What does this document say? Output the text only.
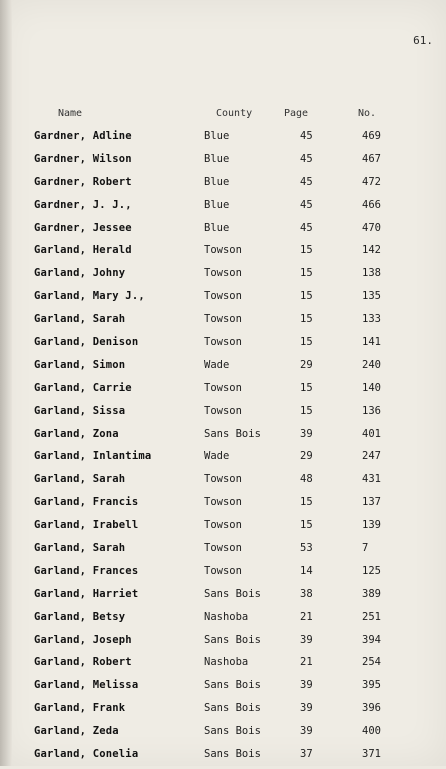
61.
Name	County	Page	No.
Gardner, Adline	Blue	45	469
Gardner, Wilson	Blue	45	467
Gardner, Robert	Blue	45	472
Gardner, J. J.,	Blue	45	466
Gardner, Jessee	Blue	45	470
Garland, Herald	Towson	15	142
Garland, Johny	Towson	15	138
Garland, Mary J.,	Towson	15	135
Garland, Sarah	Towson	15	133
Garland, Denison	Towson	15	141
Garland, Simon	Wade	29	240
Garland, Carrie	Towson	15	140
Garland, Sissa	Towson	15	136
Garland, Zona	Sans Bois	39	401
Garland, Inlantima	Wade	29	247
Garland, Sarah	Towson	48	431
Garland, Francis	Towson	15	137
Garland, Irabell	Towson	15	139
Garland, Sarah	Towson	53	7
Garland, Frances	Towson	14	125
Garland, Harriet	Sans Bois	38	389
Garland, Betsy	Nashoba	21	251
Garland, Joseph	Sans Bois	39	394
Garland, Robert	Nashoba	21	254
Garland, Melissa	Sans Bois	39	395
Garland, Frank	Sans Bois	39	396
Garland, Zeda	Sans Bois	39	400
Garland, Conelia	Sans Bois	37	371
